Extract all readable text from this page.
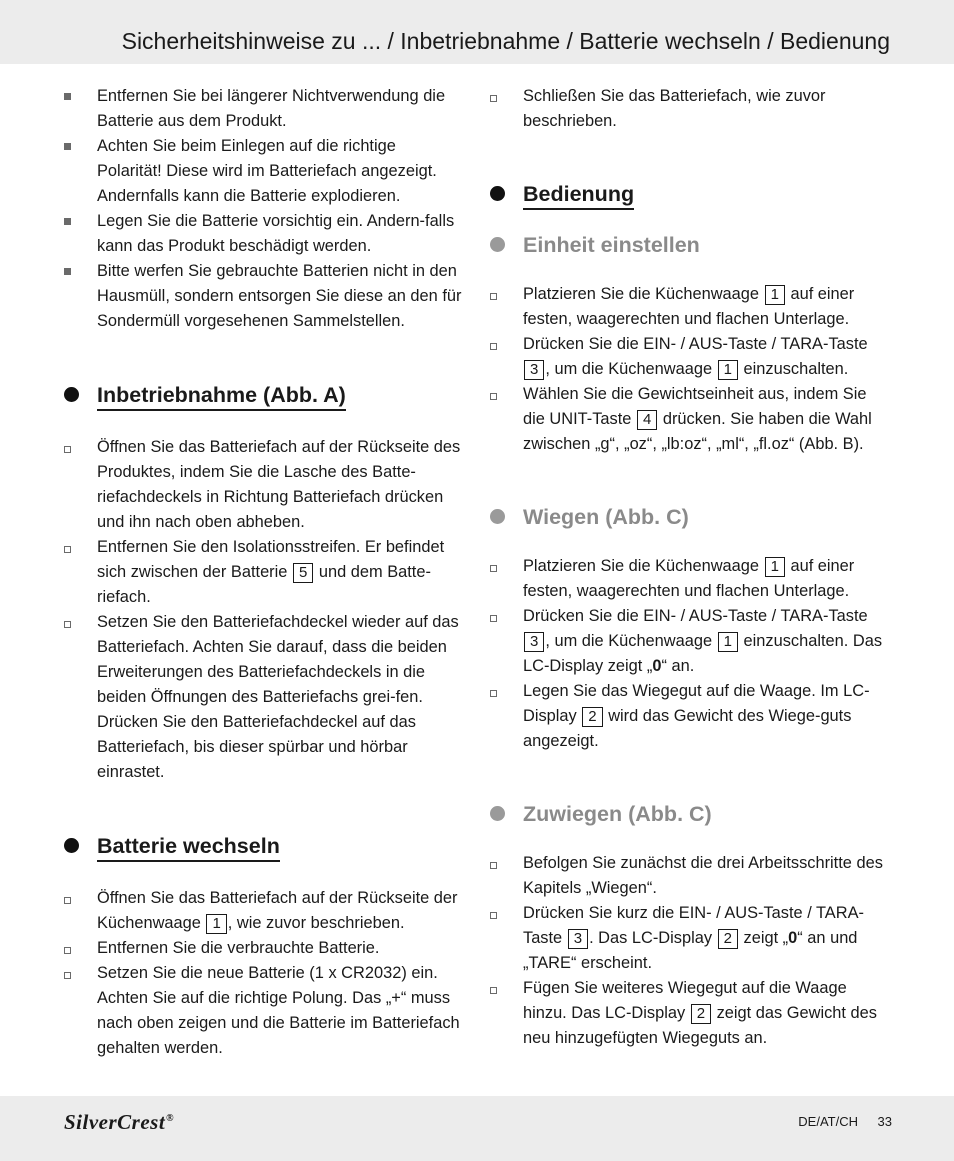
Sicherheitshinweise zu ... / Inbetriebnahme / Batterie wechseln / Bedienung
Entfernen Sie bei längerer Nichtverwendung die Batterie aus dem Produkt.
Achten Sie beim Einlegen auf die richtige Polarität! Diese wird im Batteriefach angezeigt. Andernfalls kann die Batterie explodieren.
Legen Sie die Batterie vorsichtig ein. Andern-falls kann das Produkt beschädigt werden.
Bitte werfen Sie gebrauchte Batterien nicht in den Hausmüll, sondern entsorgen Sie diese an den für Sondermüll vorgesehenen Sammelstellen.
Inbetriebnahme (Abb. A)
Öffnen Sie das Batteriefach auf der Rückseite des Produktes, indem Sie die Lasche des Batte-riefachdeckels in Richtung Batteriefach drücken und ihn nach oben abheben.
Entfernen Sie den Isolationsstreifen. Er befindet sich zwischen der Batterie 5 und dem Batte-riefach.
Setzen Sie den Batteriefachdeckel wieder auf das Batteriefach. Achten Sie darauf, dass die beiden Erweiterungen des Batteriefachdeckels in die beiden Öffnungen des Batteriefachs grei-fen. Drücken Sie den Batteriefachdeckel auf das Batteriefach, bis dieser spürbar und hörbar einrastet.
Batterie wechseln
Öffnen Sie das Batteriefach auf der Rückseite der Küchenwaage 1 , wie zuvor beschrieben.
Entfernen Sie die verbrauchte Batterie.
Setzen Sie die neue Batterie (1 x CR2032) ein. Achten Sie auf die richtige Polung. Das „+“ muss nach oben zeigen und die Batterie im Batteriefach gehalten werden.
Schließen Sie das Batteriefach, wie zuvor beschrieben.
Bedienung
Einheit einstellen
Platzieren Sie die Küchenwaage 1 auf einer festen, waagerechten und flachen Unterlage.
Drücken Sie die EIN- / AUS-Taste / TARA-Taste 3 , um die Küchenwaage 1 einzuschalten.
Wählen Sie die Gewichtseinheit aus, indem Sie die UNIT-Taste 4 drücken. Sie haben die Wahl zwischen „g“, „oz“, „lb:oz“, „ml“, „fl.oz“ (Abb. B).
Wiegen (Abb. C)
Platzieren Sie die Küchenwaage 1 auf einer festen, waagerechten und flachen Unterlage.
Drücken Sie die EIN- / AUS-Taste / TARA-Taste 3 , um die Küchenwaage 1 einzuschalten. Das LC-Display zeigt „0“ an.
Legen Sie das Wiegegut auf die Waage. Im LC-Display 2 wird das Gewicht des Wiege-guts angezeigt.
Zuwiegen (Abb. C)
Befolgen Sie zunächst die drei Arbeitsschritte des Kapitels „Wiegen“.
Drücken Sie kurz die EIN- / AUS-Taste / TARA-Taste 3 . Das LC-Display 2 zeigt „0“ an und „TARE“ erscheint.
Fügen Sie weiteres Wiegegut auf die Waage hinzu. Das LC-Display 2 zeigt das Gewicht des neu hinzugefügten Wiegeguts an.
SilverCrest®	DE/AT/CH 33
